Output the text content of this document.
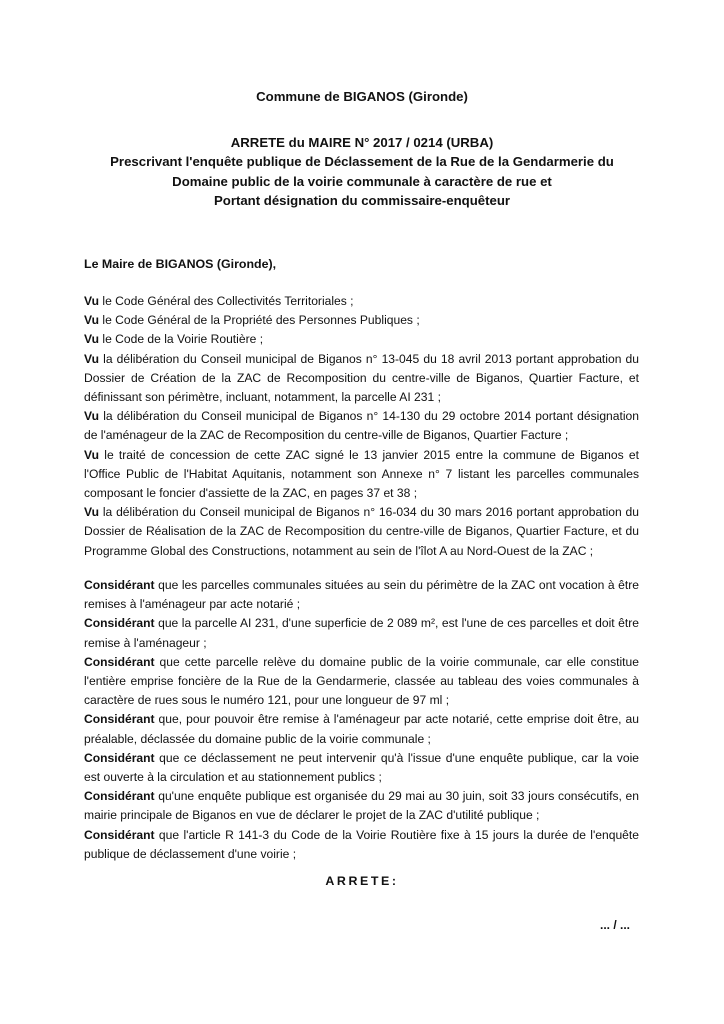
Commune de BIGANOS (Gironde)
ARRETE du MAIRE N° 2017 / 0214 (URBA)
Prescrivant l'enquête publique de Déclassement de la Rue de la Gendarmerie du
Domaine public de la voirie communale à caractère de rue et
Portant désignation du commissaire-enquêteur
Le Maire de BIGANOS (Gironde),

Vu le Code Général des Collectivités Territoriales ;

Vu le Code Général de la Propriété des Personnes Publiques ;

Vu le Code de la Voirie Routière ;

Vu la délibération du Conseil municipal de Biganos n° 13-045 du 18 avril 2013 portant approbation du Dossier de Création de la ZAC de Recomposition du centre-ville de Biganos, Quartier Facture, et définissant son périmètre, incluant, notamment, la parcelle AI 231 ;

Vu la délibération du Conseil municipal de Biganos n° 14-130 du 29 octobre 2014 portant désignation de l'aménageur de la ZAC de Recomposition du centre-ville de Biganos, Quartier Facture ;

Vu le traité de concession de cette ZAC signé le 13 janvier 2015 entre la commune de Biganos et l'Office Public de l'Habitat Aquitanis, notamment son Annexe n° 7 listant les parcelles communales composant le foncier d'assiette de la ZAC, en pages 37 et 38 ;

Vu la délibération du Conseil municipal de Biganos n° 16-034 du 30 mars 2016 portant approbation du Dossier de Réalisation de la ZAC de Recomposition du centre-ville de Biganos, Quartier Facture, et du Programme Global des Constructions, notamment au sein de l'îlot A au Nord-Ouest de la ZAC ;

Considérant que les parcelles communales situées au sein du périmètre de la ZAC ont vocation à être remises à l'aménageur par acte notarié ;

Considérant que la parcelle AI 231, d'une superficie de 2 089 m², est l'une de ces parcelles et doit être remise à l'aménageur ;

Considérant que cette parcelle relève du domaine public de la voirie communale, car elle constitue l'entière emprise foncière de la Rue de la Gendarmerie, classée au tableau des voies communales à caractère de rues sous le numéro 121, pour une longueur de 97 ml ;

Considérant que, pour pouvoir être remise à l'aménageur par acte notarié, cette emprise doit être, au préalable, déclassée du domaine public de la voirie communale ;

Considérant que ce déclassement ne peut intervenir qu'à l'issue d'une enquête publique, car la voie est ouverte à la circulation et au stationnement publics ;

Considérant qu'une enquête publique est organisée du 29 mai au 30 juin, soit 33 jours consécutifs, en mairie principale de Biganos en vue de déclarer le projet de la ZAC d'utilité publique ;

Considérant que l'article R 141-3 du Code de la Voirie Routière fixe à 15 jours la durée de l'enquête publique de déclassement d'une voirie ;

ARRETE:
... / ...
